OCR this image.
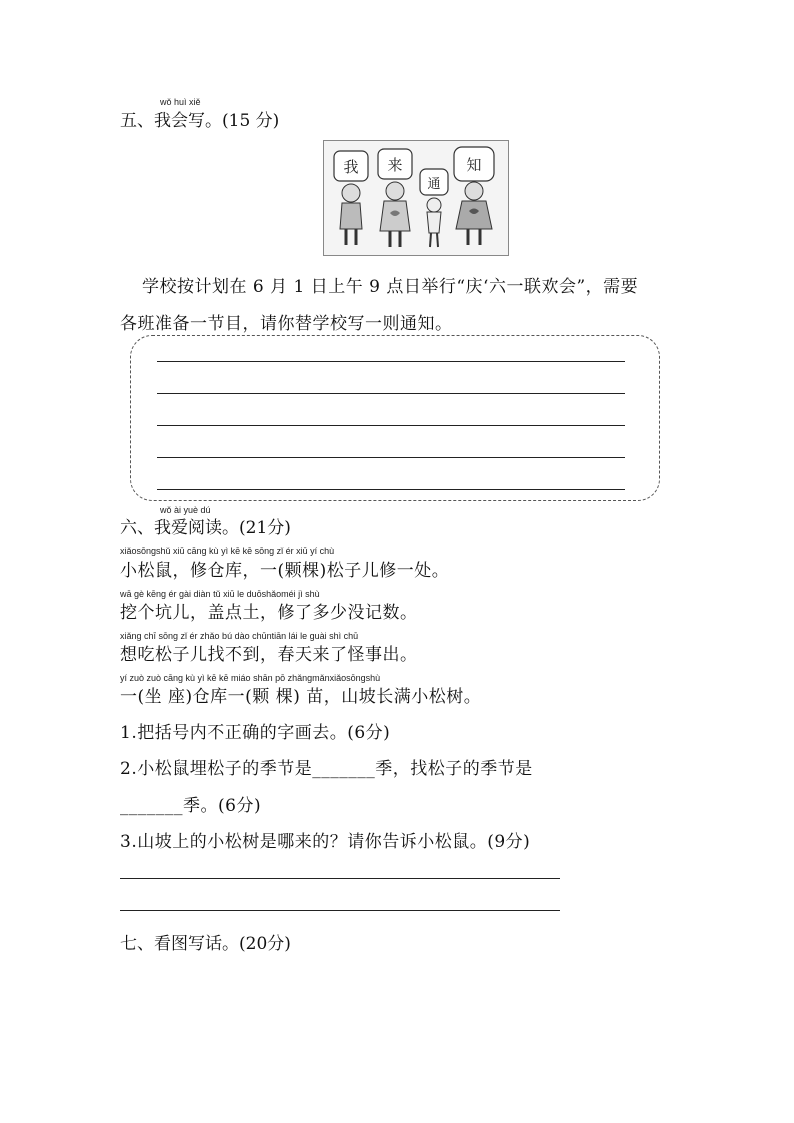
wǒ huì xiě
五、我会写。(15 分)
我 来
通
知
学校按计划在 6 月 1 日上午 9 点日举行“庆‘六一联欢会”，需要
各班准备一节目，请你替学校写一则通知。
wǒ ài yuè dú
六、我爱阅读。(21分)
xiǎosōngshǔ xiū cāng kù yì kē kē sōng zǐ ér xiū yí chù
小松鼠，修仓库，一(颗棵)松子儿修一处。
wā gè kēng ér gài diàn tǔ xiū le duōshǎoméi jì shù
挖个坑儿，盖点土，修了多少没记数。
xiǎng chī sōng zǐ ér zhǎo bú dào chūntiān lái le guài shì chū
想吃松子儿找不到，春天来了怪事出。
yí zuò zuò cāng kù yì kē kē miáo shān pō zhǎngmǎnxiǎosōngshù
一(坐 座)仓库一(颗 棵) 苗，山坡长满小松树。
1.把括号内不正确的字画去。(6分)
2.小松鼠埋松子的季节是_______季，找松子的季节是
_______季。(6分)
3.山坡上的小松树是哪来的？请你告诉小松鼠。(9分)
七、看图写话。(20分)
